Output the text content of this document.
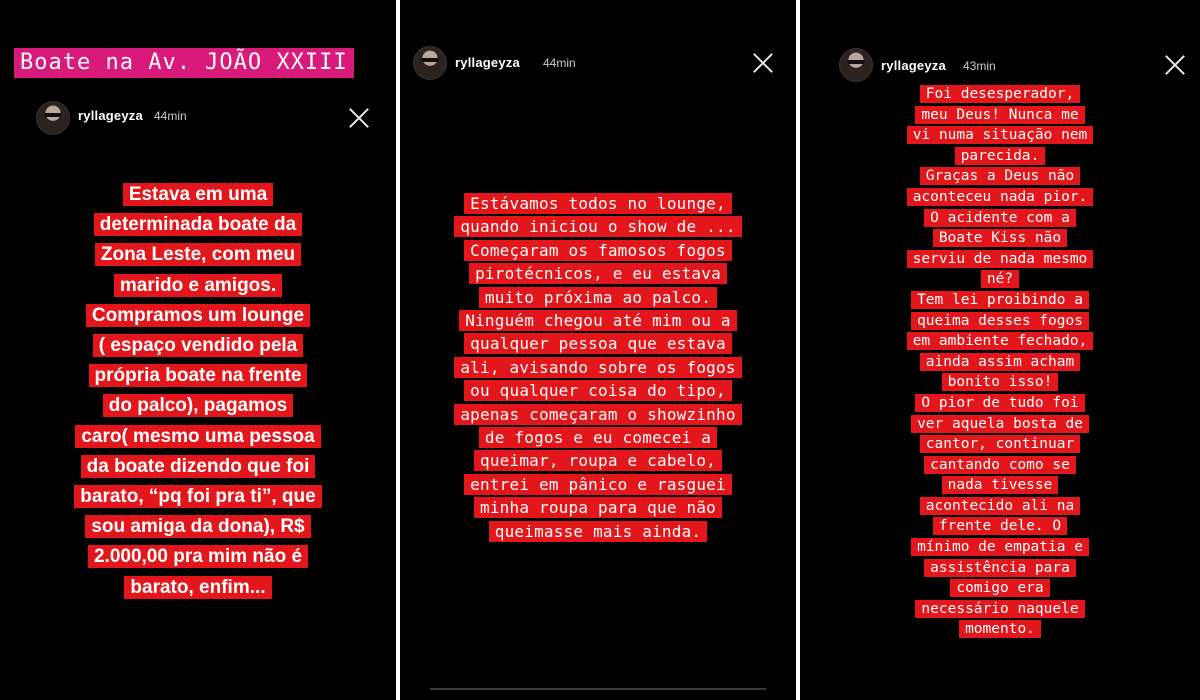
Boate na Av. JOÃO XXIII
ryllageyza 44min
Estava em uma
determinada boate da
Zona Leste, com meu
marido e amigos.
Compramos um lounge
( espaço vendido pela
própria boate na frente
do palco), pagamos
caro( mesmo uma pessoa
da boate dizendo que foi
barato, “pq foi pra ti”, que
sou amiga da dona), R$
2.000,00 pra mim não é
barato, enfim...
ryllageyza 44min
Estávamos todos no lounge,
quando iniciou o show de ...
Começaram os famosos fogos
pirotécnicos, e eu estava
muito próxima ao palco.
Ninguém chegou até mim ou a
qualquer pessoa que estava
ali, avisando sobre os fogos
ou qualquer coisa do tipo,
apenas começaram o showzinho
de fogos e eu comecei a
queimar, roupa e cabelo,
entrei em pânico e rasguei
minha roupa para que não
queimasse mais ainda.
ryllageyza 43min
Foi desesperador,
meu Deus! Nunca me
vi numa situação nem
parecida.
Graças a Deus não
aconteceu nada pior.
O acidente com a
Boate Kiss não
serviu de nada mesmo
né?
Tem lei proibindo a
queima desses fogos
em ambiente fechado,
ainda assim acham
bonito isso!
O pior de tudo foi
ver aquela bosta de
cantor, continuar
cantando como se
nada tivesse
acontecido ali na
frente dele. O
mínimo de empatia e
assistência para
comigo era
necessário naquele
momento.
